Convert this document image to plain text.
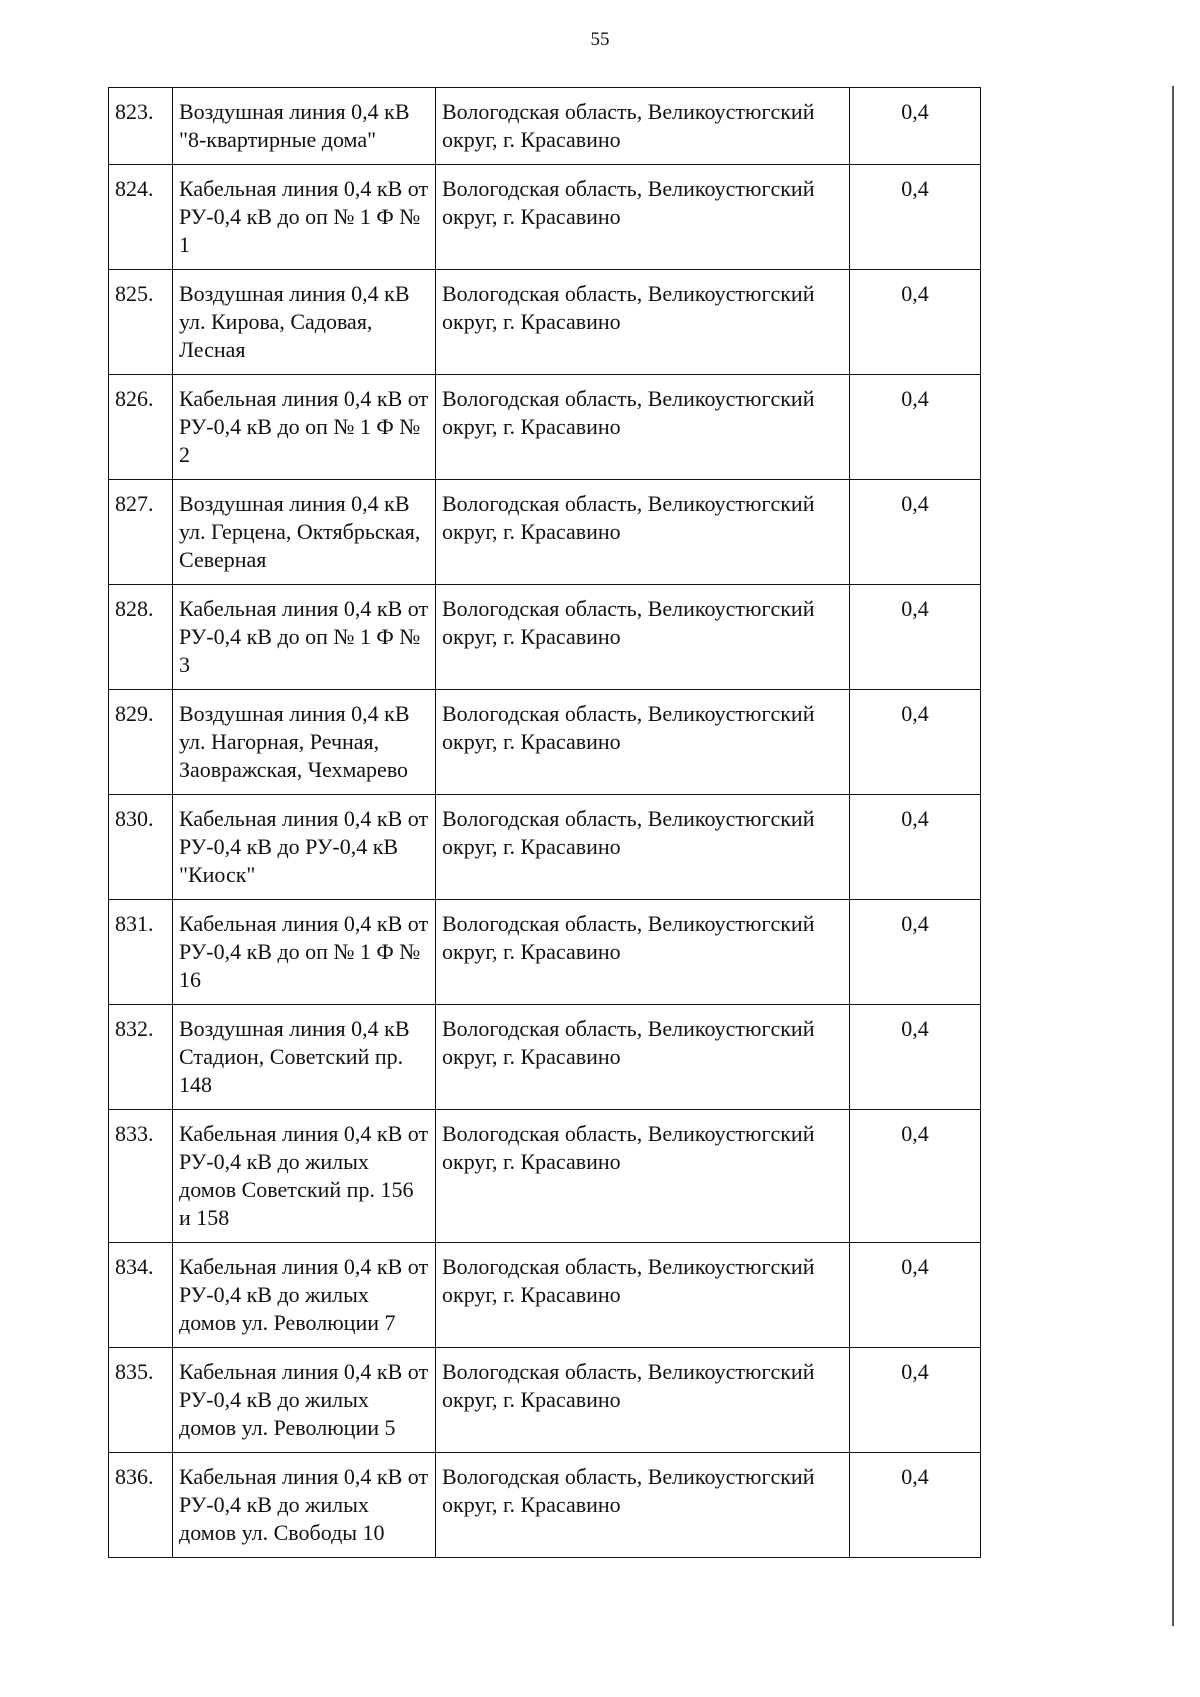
55
823.	Воздушная линия 0,4 кВ "8-квартирные дома"	Вологодская область, Великоустюгский округ, г. Красавино	0,4
824.	Кабельная линия 0,4 кВ от РУ-0,4 кВ до оп № 1 Ф № 1	Вологодская область, Великоустюгский округ, г. Красавино	0,4
825.	Воздушная линия 0,4 кВ ул. Кирова, Садовая, Лесная	Вологодская область, Великоустюгский округ, г. Красавино	0,4
826.	Кабельная линия 0,4 кВ от РУ-0,4 кВ до оп № 1 Ф № 2	Вологодская область, Великоустюгский округ, г. Красавино	0,4
827.	Воздушная линия 0,4 кВ ул. Герцена, Октябрьская, Северная	Вологодская область, Великоустюгский округ, г. Красавино	0,4
828.	Кабельная линия 0,4 кВ от РУ-0,4 кВ до оп № 1 Ф № 3	Вологодская область, Великоустюгский округ, г. Красавино	0,4
829.	Воздушная линия 0,4 кВ ул. Нагорная, Речная, Заовражская, Чехмарево	Вологодская область, Великоустюгский округ, г. Красавино	0,4
830.	Кабельная линия 0,4 кВ от РУ-0,4 кВ до РУ-0,4 кВ "Киоск"	Вологодская область, Великоустюгский округ, г. Красавино	0,4
831.	Кабельная линия 0,4 кВ от РУ-0,4 кВ до оп № 1 Ф № 16	Вологодская область, Великоустюгский округ, г. Красавино	0,4
832.	Воздушная линия 0,4 кВ Стадион, Советский пр. 148	Вологодская область, Великоустюгский округ, г. Красавино	0,4
833.	Кабельная линия 0,4 кВ от РУ-0,4 кВ до жилых домов Советский пр. 156 и 158	Вологодская область, Великоустюгский округ, г. Красавино	0,4
834.	Кабельная линия 0,4 кВ от РУ-0,4 кВ до жилых домов ул. Революции 7	Вологодская область, Великоустюгский округ, г. Красавино	0,4
835.	Кабельная линия 0,4 кВ от РУ-0,4 кВ до жилых домов ул. Революции 5	Вологодская область, Великоустюгский округ, г. Красавино	0,4
836.	Кабельная линия 0,4 кВ от РУ-0,4 кВ до жилых домов ул. Свободы 10	Вологодская область, Великоустюгский округ, г. Красавино	0,4
